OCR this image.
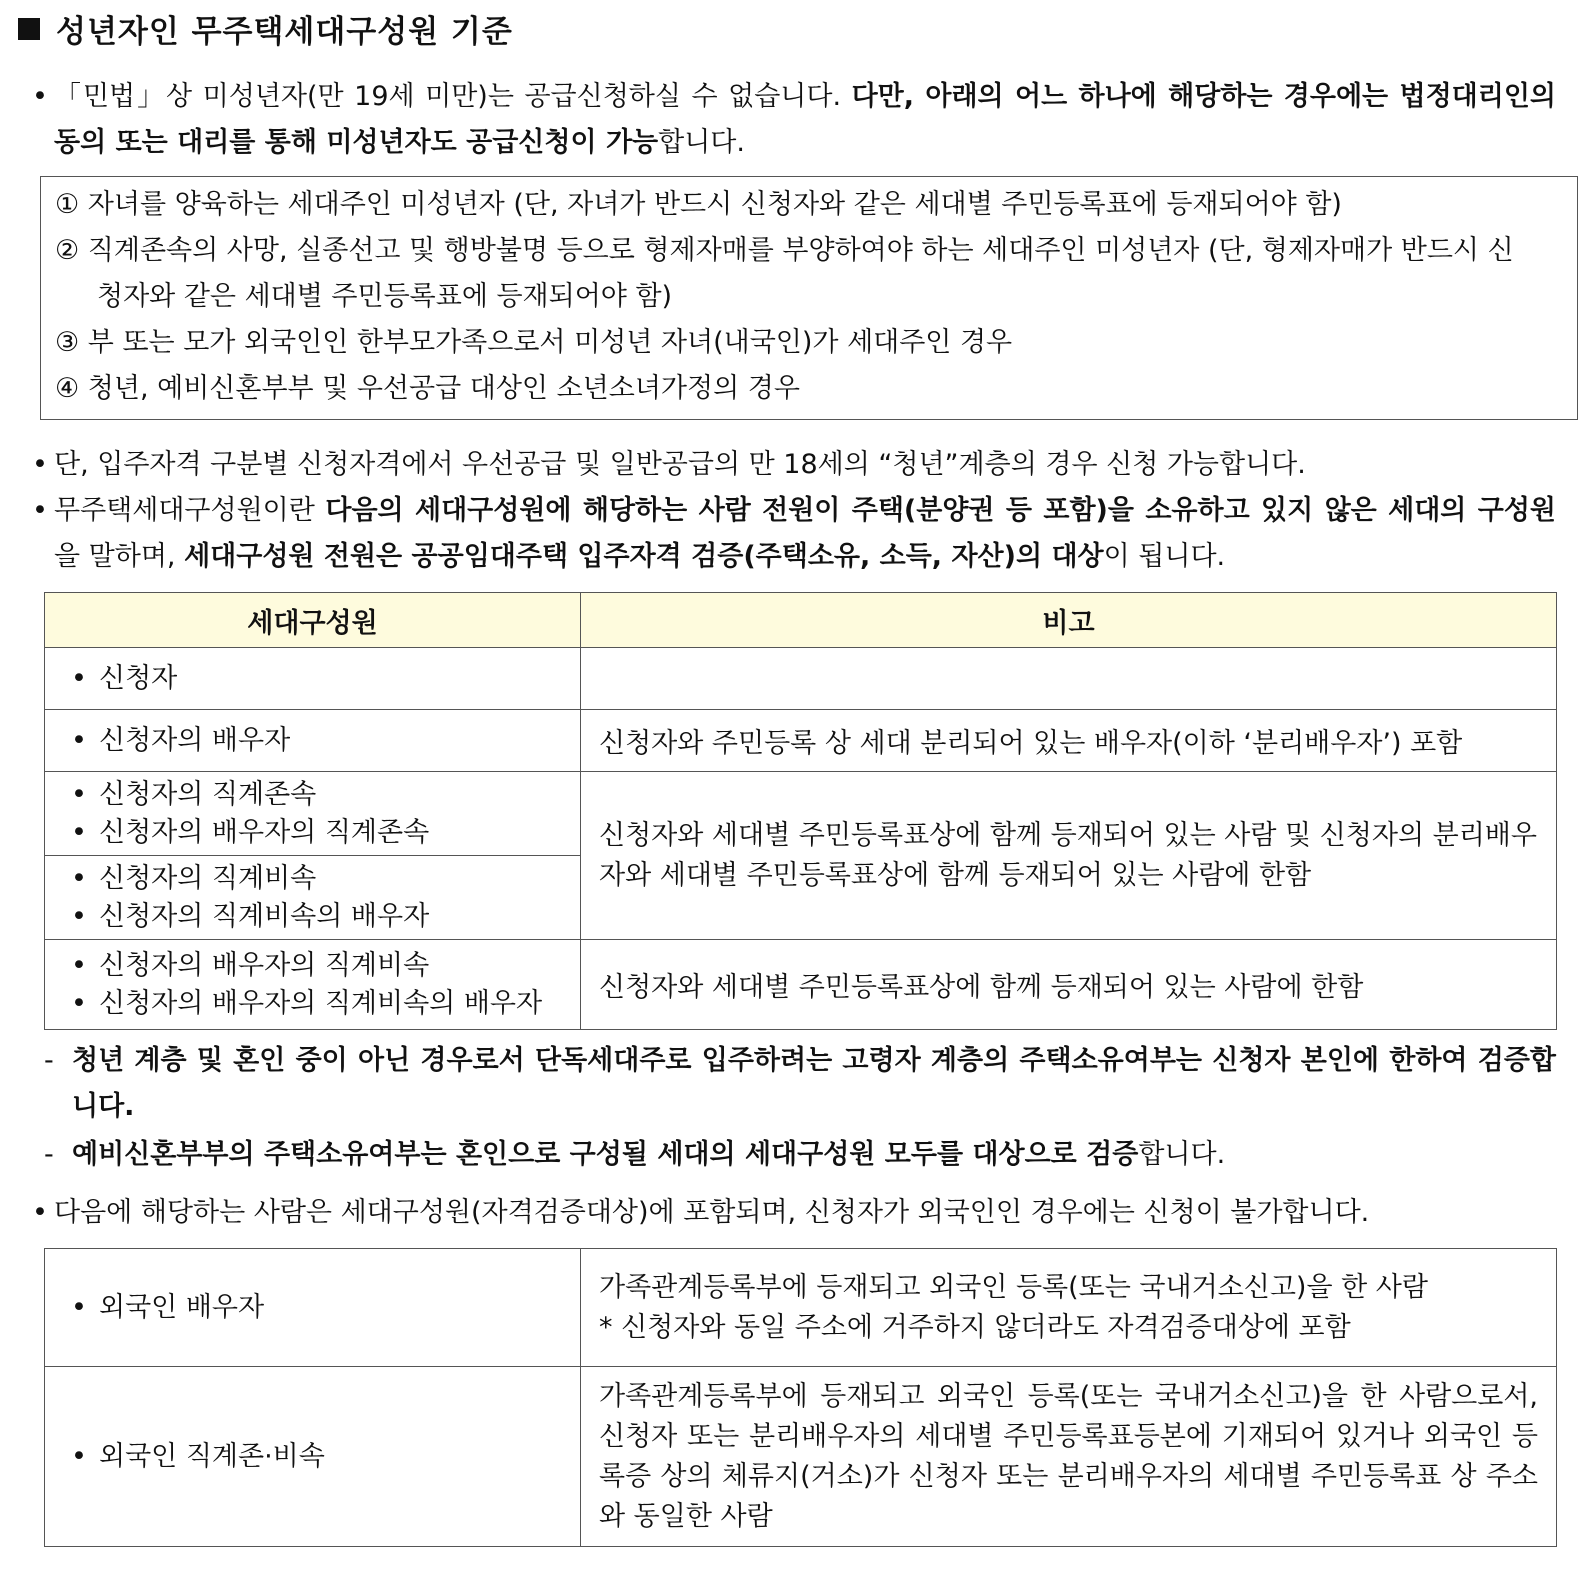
성년자인 무주택세대구성원 기준
• 「민법」상 미성년자(만 19세 미만)는 공급신청하실 수 없습니다. 다만, 아래의 어느 하나에 해당하는 경우에는 법정대리인의 동의 또는 대리를 통해 미성년자도 공급신청이 가능합니다.
① 자녀를 양육하는 세대주인 미성년자 (단, 자녀가 반드시 신청자와 같은 세대별 주민등록표에 등재되어야 함)
② 직계존속의 사망, 실종선고 및 행방불명 등으로 형제자매를 부양하여야 하는 세대주인 미성년자 (단, 형제자매가 반드시 신
청자와 같은 세대별 주민등록표에 등재되어야 함)
③ 부 또는 모가 외국인인 한부모가족으로서 미성년 자녀(내국인)가 세대주인 경우
④ 청년, 예비신혼부부 및 우선공급 대상인 소년소녀가정의 경우
• 단, 입주자격 구분별 신청자격에서 우선공급 및 일반공급의 만 18세의 “청년”계층의 경우 신청 가능합니다.
• 무주택세대구성원이란 다음의 세대구성원에 해당하는 사람 전원이 주택(분양권 등 포함)을 소유하고 있지 않은 세대의 구성원을 말하며, 세대구성원 전원은 공공임대주택 입주자격 검증(주택소유, 소득, 자산)의 대상이 됩니다.
세대구성원	비고

• 신청자

• 신청자의 배우자	신청자와 주민등록 상 세대 분리되어 있는 배우자(이하 ‘분리배우자’) 포함

• 신청자의 직계존속
• 신청자의 배우자의 직계존속	신청자와 세대별 주민등록표상에 함께 등재되어 있는 사람 및 신청자의 분리배우자와 세대별 주민등록표상에 함께 등재되어 있는 사람에 한함

• 신청자의 직계비속
• 신청자의 직계비속의 배우자

• 신청자의 배우자의 직계비속
• 신청자의 배우자의 직계비속의 배우자	신청자와 세대별 주민등록표상에 함께 등재되어 있는 사람에 한함
- 청년 계층 및 혼인 중이 아닌 경우로서 단독세대주로 입주하려는 고령자 계층의 주택소유여부는 신청자 본인에 한하여 검증합니다.
- 예비신혼부부의 주택소유여부는 혼인으로 구성될 세대의 세대구성원 모두를 대상으로 검증합니다.
• 다음에 해당하는 사람은 세대구성원(자격검증대상)에 포함되며, 신청자가 외국인인 경우에는 신청이 불가합니다.
• 외국인 배우자	가족관계등록부에 등재되고 외국인 등록(또는 국내거소신고)을 한 사람
* 신청자와 동일 주소에 거주하지 않더라도 자격검증대상에 포함

• 외국인 직계존·비속	가족관계등록부에 등재되고 외국인 등록(또는 국내거소신고)을 한 사람으로서, 신청자 또는 분리배우자의 세대별 주민등록표등본에 기재되어 있거나 외국인 등록증 상의 체류지(거소)가 신청자 또는 분리배우자의 세대별 주민등록표 상 주소와 동일한 사람
